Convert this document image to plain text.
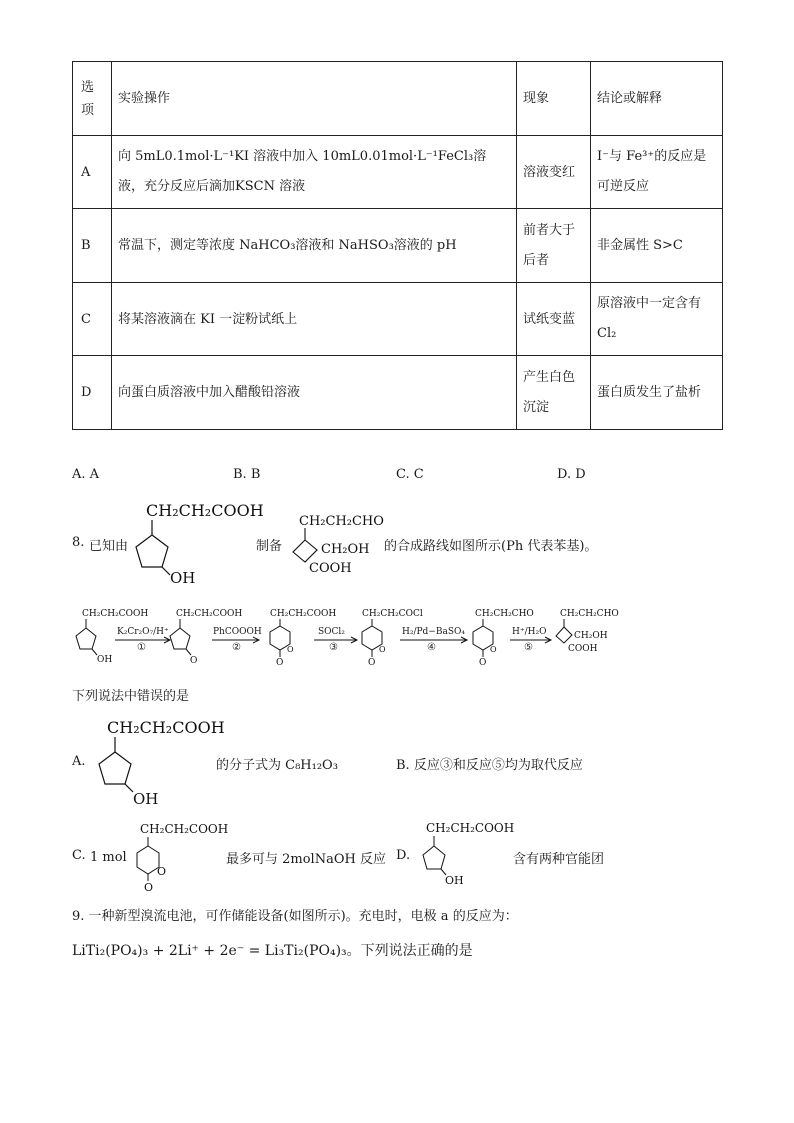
选项	实验操作	现象	结论或解释
A	向 5mL0.1mol·L⁻¹KI 溶液中加入 10mL0.01mol·L⁻¹FeCl₃溶液，充分反应后滴加KSCN 溶液	溶液变红	I⁻与 Fe³⁺的反应是可逆反应
B	常温下，测定等浓度 NaHCO₃溶液和 NaHSO₃溶液的 pH	前者大于后者	非金属性 S>C
C	将某溶液滴在 KI 一淀粉试纸上	试纸变蓝	原溶液中一定含有 Cl₂
D	向蛋白质溶液中加入醋酸铅溶液	产生白色沉淀	蛋白质发生了盐析
A. A	B. B	C. C	D. D
8. 已知由
CH₂CH₂COOH
OH
制备
CH₂CH₂CHO
CH₂OH
COOH
的合成路线如图所示(Ph 代表苯基)。
CH₂CH₂COOH
OH
K₂Cr₂O₇/H⁺
①
CH₂CH₂COOH
O
PhCOOOH
②
CH₂CH₂COOH
O
O
SOCl₂
③
CH₂CH₂COCl
O
O
H₂/Pd−BaSO₄
④
CH₂CH₂CHO
O
O
H⁺/H₂O
⑤
CH₂CH₂CHO
CH₂OH
COOH
下列说法中错误的是
A.
CH₂CH₂COOH
OH
的分子式为 C₈H₁₂O₃	B. 反应③和反应⑤均为取代反应
C. 1 mol
CH₂CH₂COOH
O
O
最多可与 2molNaOH 反应 D.
CH₂CH₂COOH
OH
含有两种官能团
9. 一种新型溴流电池，可作储能设备(如图所示)。充电时，电极 a 的反应为：
LiTi₂(PO₄)₃ + 2Li⁺ + 2e⁻ = Li₃Ti₂(PO₄)₃。下列说法正确的是
